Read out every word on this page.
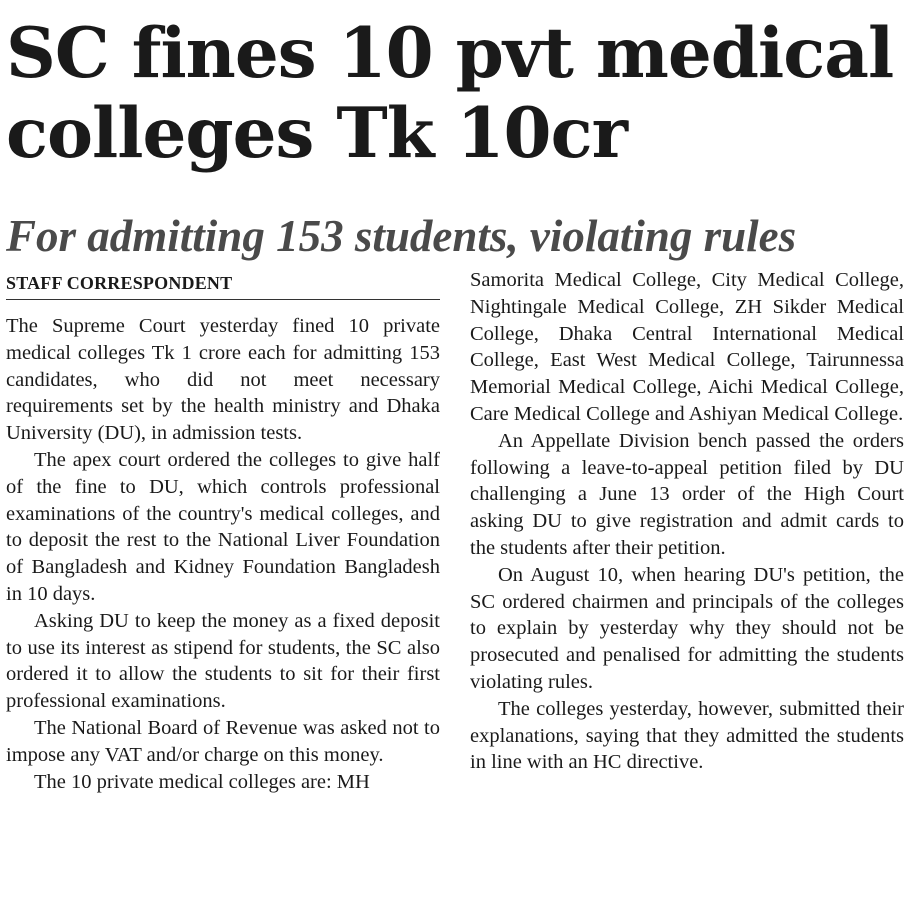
SC fines 10 pvt medical
colleges Tk 10cr
For admitting 153 students, violating rules
STAFF CORRESPONDENT

The Supreme Court yesterday fined 10 private medical colleges Tk 1 crore each for admitting 153 candidates, who did not meet necessary requirements set by the health ministry and Dhaka University (DU), in admission tests.

The apex court ordered the colleges to give half of the fine to DU, which controls professional examinations of the country's medical colleges, and to deposit the rest to the National Liver Foundation of Bangladesh and Kidney Foundation Bangladesh in 10 days.

Asking DU to keep the money as a fixed deposit to use its interest as stipend for students, the SC also ordered it to allow the students to sit for their first professional examinations.

The National Board of Revenue was asked not to impose any VAT and/or charge on this money.

The 10 private medical colleges are: MH

Samorita Medical College, City Medical College, Nightingale Medical College, ZH Sikder Medical College, Dhaka Central International Medical College, East West Medical College, Tairunnessa Memorial Medical College, Aichi Medical College, Care Medical College and Ashiyan Medical College.

An Appellate Division bench passed the orders following a leave-to-appeal petition filed by DU challenging a June 13 order of the High Court asking DU to give registration and admit cards to the students after their petition.

On August 10, when hearing DU's petition, the SC ordered chairmen and principals of the colleges to explain by yesterday why they should not be prosecuted and penalised for admitting the students violating rules.

The colleges yesterday, however, submitted their explanations, saying that they admitted the students in line with an HC directive.
